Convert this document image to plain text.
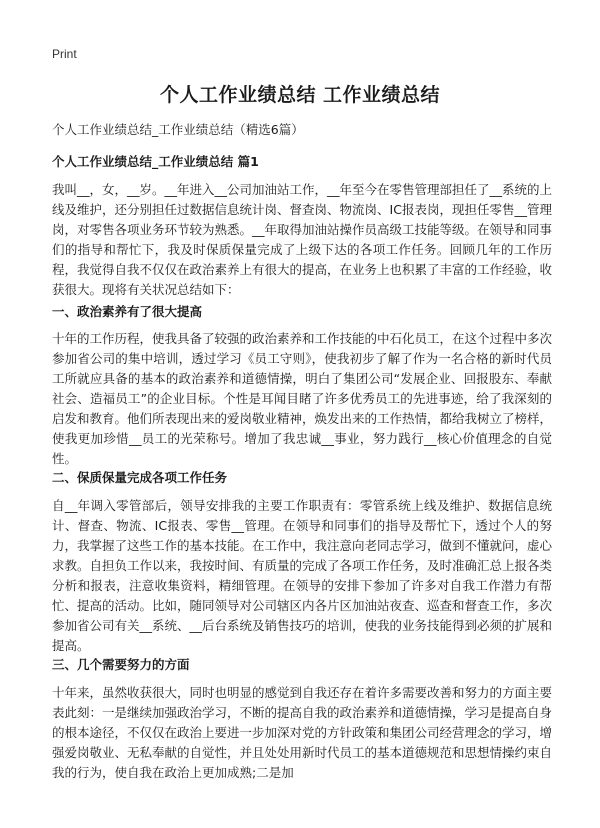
Print
个人工作业绩总结 工作业绩总结

个人工作业绩总结_工作业绩总结（精选6篇）

个人工作业绩总结_工作业绩总结 篇1

我叫__，女，__岁。__年进入__公司加油站工作，__年至今在零售管理部担任了__系统的上线及维护，还分别担任过数据信息统计岗、督查岗、物流岗、IC报表岗，现担任零售__管理岗，对零售各项业务环节较为熟悉。__年取得加油站操作员高级工技能等级。在领导和同事们的指导和帮忙下，我及时保质保量完成了上级下达的各项工作任务。回顾几年的工作历程，我觉得自我不仅仅在政治素养上有很大的提高，在业务上也积累了丰富的工作经验，收获很大。现将有关状况总结如下：

一、政治素养有了很大提高

十年的工作历程，使我具备了较强的政治素养和工作技能的中石化员工，在这个过程中多次参加省公司的集中培训，透过学习《员工守则》，使我初步了解了作为一名合格的新时代员工所就应具备的基本的政治素养和道德情操，明白了集团公司“发展企业、回报股东、奉献社会、造福员工”的企业目标。个性是耳闻目睹了许多优秀员工的先进事迹，给了我深刻的启发和教育。他们所表现出来的爱岗敬业精神，焕发出来的工作热情，都给我树立了榜样，使我更加珍惜__员工的光荣称号。增加了我忠诚__事业，努力践行__核心价值理念的自觉性。

二、保质保量完成各项工作任务

自__年调入零管部后，领导安排我的主要工作职责有：零管系统上线及维护、数据信息统计、督查、物流、IC报表、零售__管理。在领导和同事们的指导及帮忙下，透过个人的努力，我掌握了这些工作的基本技能。在工作中，我注意向老同志学习，做到不懂就问，虚心求教。自担负工作以来，我按时间、有质量的完成了各项工作任务，及时准确汇总上报各类分析和报表，注意收集资料，精细管理。在领导的安排下参加了许多对自我工作潜力有帮忙、提高的活动。比如，随同领导对公司辖区内各片区加油站夜查、巡查和督查工作，多次参加省公司有关__系统、__后台系统及销售技巧的培训，使我的业务技能得到必须的扩展和提高。

三、几个需要努力的方面

十年来，虽然收获很大，同时也明显的感觉到自我还存在着许多需要改善和努力的方面主要表此刻：一是继续加强政治学习，不断的提高自我的政治素养和道德情操，学习是提高自身的根本途径，不仅仅在政治上要进一步加深对党的方针政策和集团公司经营理念的学习，增强爱岗敬业、无私奉献的自觉性，并且处处用新时代员工的基本道德规范和思想情操约束自我的行为，使自我在政治上更加成熟;二是加
